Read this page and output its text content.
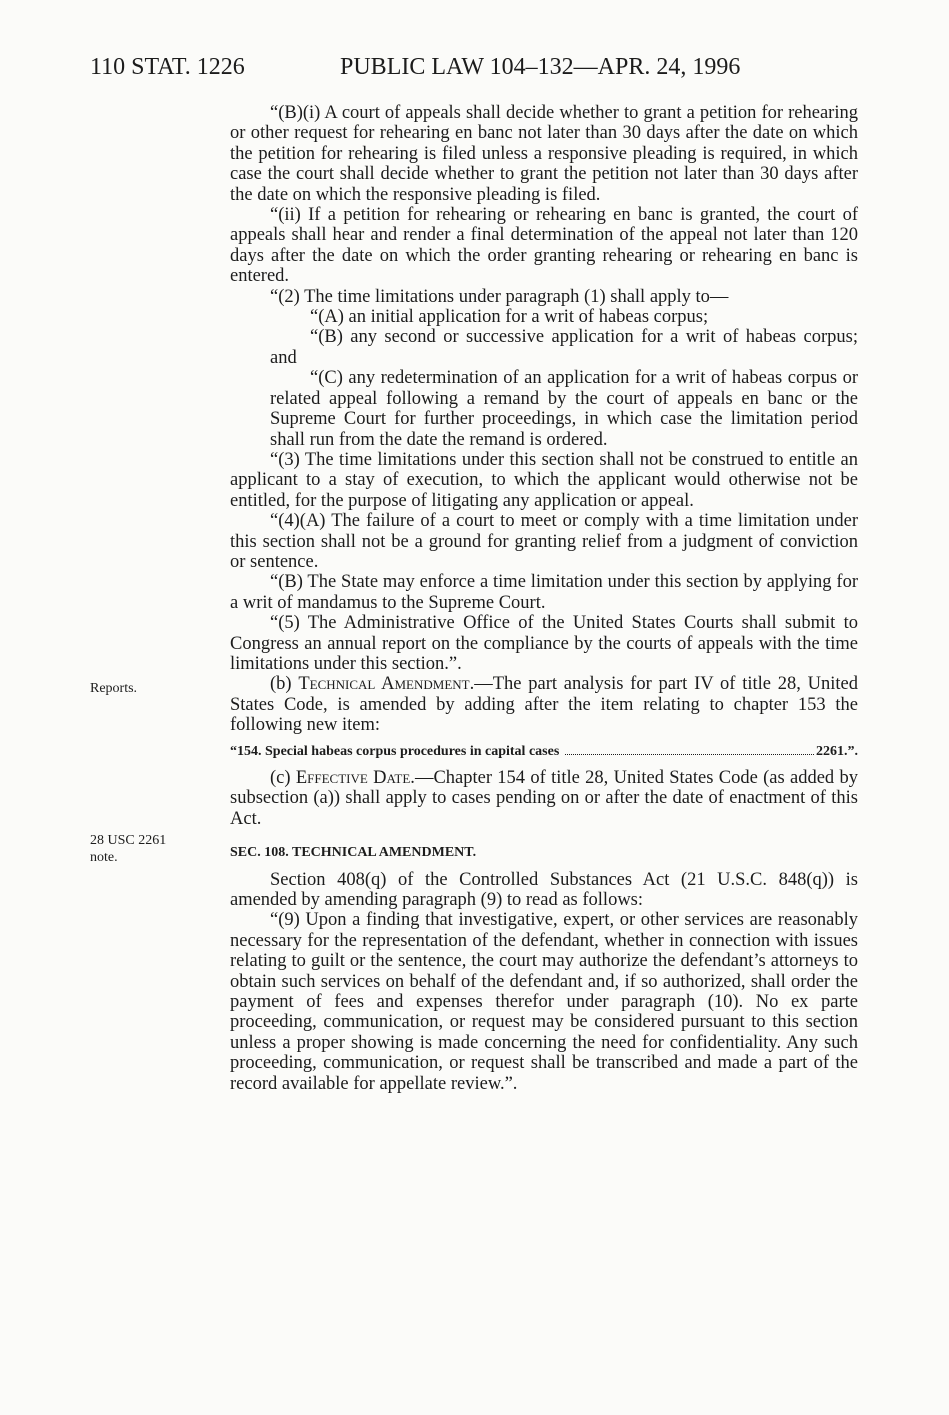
110 STAT. 1226	PUBLIC LAW 104–132—APR. 24, 1996
Reports.
28 USC 2261
note.

“(B)(i) A court of appeals shall decide whether to grant a petition for rehearing or other request for rehearing en banc not later than 30 days after the date on which the petition for rehearing is filed unless a responsive pleading is required, in which case the court shall decide whether to grant the petition not later than 30 days after the date on which the responsive pleading is filed.

“(ii) If a petition for rehearing or rehearing en banc is granted, the court of appeals shall hear and render a final determination of the appeal not later than 120 days after the date on which the order granting rehearing or rehearing en banc is entered.

“(2) The time limitations under paragraph (1) shall apply to—

“(A) an initial application for a writ of habeas corpus;

“(B) any second or successive application for a writ of habeas corpus; and

“(C) any redetermination of an application for a writ of habeas corpus or related appeal following a remand by the court of appeals en banc or the Supreme Court for further proceedings, in which case the limitation period shall run from the date the remand is ordered.

“(3) The time limitations under this section shall not be construed to entitle an applicant to a stay of execution, to which the applicant would otherwise not be entitled, for the purpose of litigating any application or appeal.

“(4)(A) The failure of a court to meet or comply with a time limitation under this section shall not be a ground for granting relief from a judgment of conviction or sentence.

“(B) The State may enforce a time limitation under this section by applying for a writ of mandamus to the Supreme Court.

“(5) The Administrative Office of the United States Courts shall submit to Congress an annual report on the compliance by the courts of appeals with the time limitations under this section.”.

(b) Technical Amendment.—The part analysis for part IV of title 28, United States Code, is amended by adding after the item relating to chapter 153 the following new item:

“154. Special habeas corpus procedures in capital cases	2261.”.

(c) Effective Date.—Chapter 154 of title 28, United States Code (as added by subsection (a)) shall apply to cases pending on or after the date of enactment of this Act.

SEC. 108. TECHNICAL AMENDMENT.

Section 408(q) of the Controlled Substances Act (21 U.S.C. 848(q)) is amended by amending paragraph (9) to read as follows:

“(9) Upon a finding that investigative, expert, or other services are reasonably necessary for the representation of the defendant, whether in connection with issues relating to guilt or the sentence, the court may authorize the defendant’s attorneys to obtain such services on behalf of the defendant and, if so authorized, shall order the payment of fees and expenses therefor under paragraph (10). No ex parte proceeding, communication, or request may be considered pursuant to this section unless a proper showing is made concerning the need for confidentiality. Any such proceeding, communication, or request shall be transcribed and made a part of the record available for appellate review.”.
